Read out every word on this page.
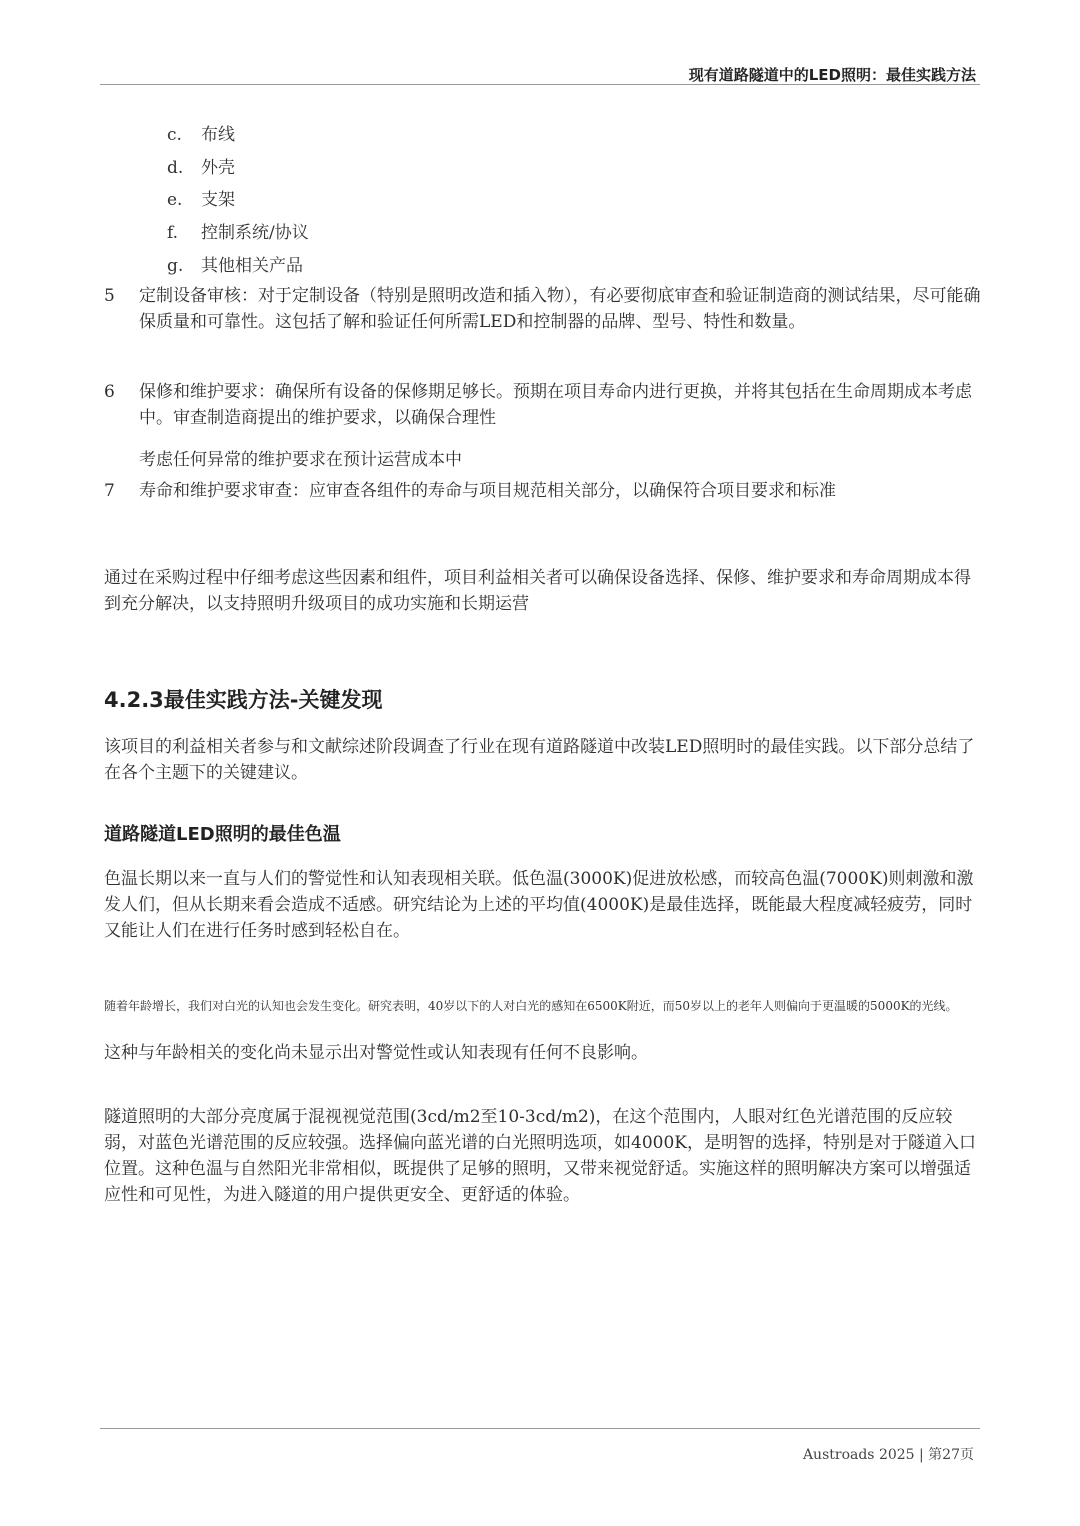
现有道路隧道中的LED照明：最佳实践方法
c. 布线
d. 外壳
e. 支架
f. 控制系统/协议
g. 其他相关产品
5 定制设备审核：对于定制设备（特别是照明改造和插入物），有必要彻底审查和验证制造商的测试结果，尽可能确保质量和可靠性。这包括了解和验证任何所需LED和控制器的品牌、型号、特性和数量。
6 保修和维护要求：确保所有设备的保修期足够长。预期在项目寿命内进行更换，并将其包括在生命周期成本考虑中。审查制造商提出的维护要求，以确保合理性
考虑任何异常的维护要求在预计运营成本中
7 寿命和维护要求审查：应审查各组件的寿命与项目规范相关部分，以确保符合项目要求和标准
通过在采购过程中仔细考虑这些因素和组件，项目利益相关者可以确保设备选择、保修、维护要求和寿命周期成本得到充分解决，以支持照明升级项目的成功实施和长期运营
4.2.3最佳实践方法-关键发现
该项目的利益相关者参与和文献综述阶段调查了行业在现有道路隧道中改装LED照明时的最佳实践。以下部分总结了在各个主题下的关键建议。
道路隧道LED照明的最佳色温
色温长期以来一直与人们的警觉性和认知表现相关联。低色温(3000K)促进放松感，而较高色温(7000K)则刺激和激发人们，但从长期来看会造成不适感。研究结论为上述的平均值(4000K)是最佳选择，既能最大程度减轻疲劳，同时又能让人们在进行任务时感到轻松自在。
随着年龄增长，我们对白光的认知也会发生变化。研究表明，40岁以下的人对白光的感知在6500K附近，而50岁以上的老年人则偏向于更温暖的5000K的光线。
这种与年龄相关的变化尚未显示出对警觉性或认知表现有任何不良影响。
隧道照明的大部分亮度属于混视视觉范围(3cd/m2至10-3cd/m2)，在这个范围内，人眼对红色光谱范围的反应较弱，对蓝色光谱范围的反应较强。选择偏向蓝光谱的白光照明选项，如4000K，是明智的选择，特别是对于隧道入口位置。这种色温与自然阳光非常相似，既提供了足够的照明，又带来视觉舒适。实施这样的照明解决方案可以增强适应性和可见性，为进入隧道的用户提供更安全、更舒适的体验。
Austroads 2025 | 第27页
